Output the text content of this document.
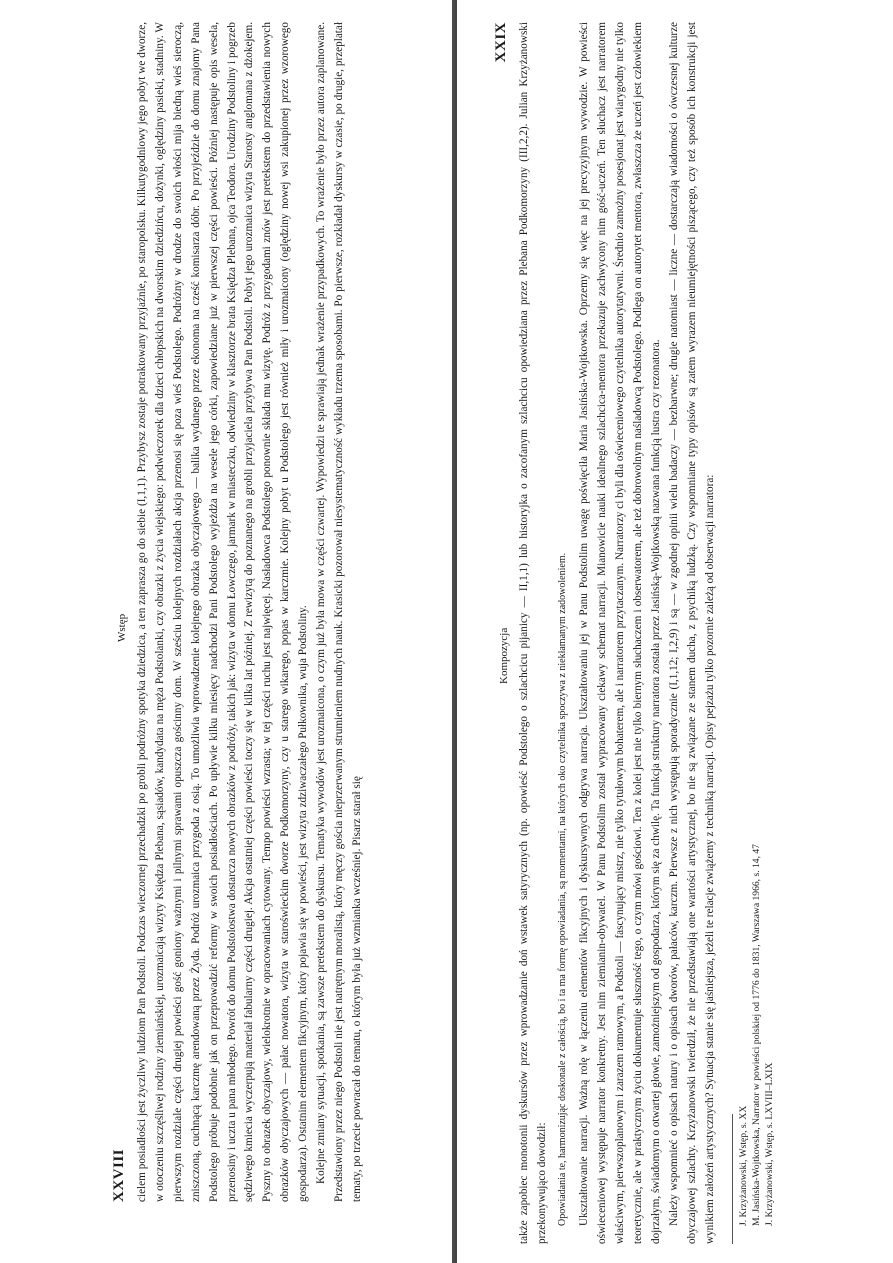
XXVIII
Wstęp cielem posiadłości jest życzliwy ludziom Pan Podstoli. Podczas wieczornej przechadzki po grobli podróżny spotyka dziedzica, a ten zaprasza go do siebie (I,1,1). Przybysz zostaje potraktowany przyjaźnie, po staropolsku. Kilkutygodniowy jego pobyt we dworze, w otoczeniu szczęśliwej rodziny ziemiańskiej, urozmaicają wizyty Księdza Plebana, sąsiadów, kandydata na męża Podstolanki, czy obrazki z życia wiejskiego: podwieczorek dla dzieci chłopskich na dworskim dziedzińcu, dożynki, oględziny pasieki, stadniny. W pierwszym rozdziale części drugiej powieści gość goniony ważnymi i pilnymi sprawami opuszcza gościnny dom. W sześciu kolejnych rozdziałach akcja przenosi się poza wieś Podstolego. Podróżny w drodze do swoich włości mija biedną wieś sieroczą, zniszczoną, cuchnącą karczmę arendowaną przez Żyda. Podróż urozmaica przygoda z osią. To umożliwia wprowadzenie kolejnego obrazka obyczajowego — balika wydanego przez ekonoma na cześć komisarza dóbr. Po przyjeździe do domu znajomy Pana Podstolego próbuje podobnie jak on przeprowadzić reformy w swoich posiadłościach. Po upływie kilku miesięcy nadchodzi Pani Podstolego wyjeżdża na wesele jego córki, zapowiedziane już w pierwszej części powieści. Później następuje opis wesela, przenosiny i uczta u pana młodego. Powrót do domu Podstolostwa dostarcza nowych obrazków z podróży, takich jak: wizyta w domu Łowczego, jarmark w miasteczku, odwiedziny w klasztorze brata Księdza Plebana, ojca Teodora. Urodziny Podstoliny i pogrzeb sędziwego kmiecia wyczerpują materiał fabularny części drugiej. Akcja ostatniej części powieści toczy się w kilka lat później. Z rewizytą do poznanego na grobli przyjaciela przybywa Pan Podstoli. Pobyt jego urozmaica wizyta Starosty anglomana z dżokejem. Pyszny to obrazek obyczajowy, wielokrotnie w opracowaniach cytowany. Tempo powieści wzrasta; w tej części ruchu jest najwięcej. Nasładowca Podstolego ponownie składa mu wizytę. Podróż z przygodami znów jest pretekstem do przedstawienia nowych obrazków obyczajowych — pałac nowatora, wizyta w staroświeckim dworze Podkomorzyny, czy u starego wikarego, popas w karczmie. Kolejny pobyt u Podstolego jest również miły i urozmaicony (oględziny nowej wsi zakupionej przez wzorowego gospodarza). Ostatnim elementem fikcyjnym, który pojawia się w powieści, jest wizyta zdziwaczałego Pułkownika, wuja Podstoliny. Kolejne zmiany sytuacji, spotkania, są zawsze pretekstem do dyskursu. Tematyka wywodów jest urozmaicona, o czym już była mowa w części czwartej. Wypowiedzi te sprawiają jednak wrażenie przypadkowych. To wrażenie było przez autora zaplanowane. Przedstawiony przez niego Podstoli nie jest natrętnym moralistą, który męczy gościa nieprzerwanym strumieniem nudnych nauk. Krasicki pozorował niesystematyczność wykładu trzema sposobami. Po pierwsze, rozkładał dyskursy w czasie, po drugie, przeplatał tematy, po trzecie powracał do tematu, o którym była już wzmianka wcześniej. Pisarz starał się

Kompozycja
XXIX także zapobiec monotonii dyskursów przez wprowadzanie doń wstawek satyrycznych (np. opowieść Podstolego o szlachcicu pijanicy — II,1,1) lub historyjka o zacofanym szlachcicu opowiedziana przez Plebana Podkomorzyny (III,2,2). Julian Krzyżanowski przekonywująco dowodził: Opowiadania te, harmonizując doskonale z całością, bo i ta ma formę opowiadania, są momentami, na których oko czytelnika spoczywa z niekłamanym zadowoleniem. Ukształtowanie narracji. Ważną rolę w łączeniu elementów fikcyjnych i dyskursywnych odgrywa narracja. Ukształtowaniu jej w Panu Podstolim uwagę poświęciła Maria Jasińska-Wojtkowska. Oprzemy się więc na jej precyzyjnym wywodzie. W powieści oświeceniowej występuje narrator konkretny. Jest nim ziemianin-obywatel. W Panu Podstolim został wypracowany ciekawy schemat narracji. Mianowicie nauki idealnego szlachcica-mentora przekazuje zachwycony nim gość-uczeń. Ten słuchacz jest narratorem właściwym, pierwszoplanowym i zarazem ramowym, a Podstoli — fascynujący mistrz, nie tylko tytułowym bohaterem, ale i narratorem przytaczanym. Narratorzy ci byli dla oświeceniowego czytelnika autorytatywni. Średnio zamożny posesjonat jest wiarygodny nie tylko teoretycznie, ale w praktycznym życiu dokumentuje słuszność tego, o czym mówi gościowi. Ten z kolei jest nie tylko biernym słuchaczem i obserwatorem, ale też dobrowolnym naśladowcą Podstolego. Podlega on autorytet mentora, zwłaszcza że uczeń jest człowiekiem dojrzałym, świadomym o otwartej głowie, zamożniejszym od gospodarza, którym się za chwilę. Ta funkcja struktury narratora została przez Jasińską-Wojtkowską nazwana funkcją lustra czy rezonatora. Należy wspomnieć o opisach natury i o opisach dworów, pałaców, karczm. Pierwsze z nich występują sporadycznie (I,1,12; I,2,9) i są — w zgodnej opinii wielu badaczy — bezbarwne; drugie natomiast — liczne — dostarczają wiadomości o ówczesnej kulturze obyczajowej szlachty. Krzyżanowski twierdził, że nie przedstawiają one wartości artystycznej, bo nie są związane ze stanem ducha, z psychiką ludzką. Czy wspomniane typy opisów są zatem wyrazem nieumiejętności piszącego, czy też sposób ich konstrukcji jest wynikiem założeń artystycznych? Sytuacja stanie się jaśniejsza, jeżeli te relacje zwiążemy z techniką narracji. Opisy pejzażu tylko pozornie zależą od obserwacji narratora:	J. Krzyżanowski, Wstęp, s. XX M. Jasińska-Wojtkowska, Narrator w powieści polskiej od 1776 do 1831, Warszawa 1966, s. 14, 47 J. Krzyżanowski, Wstęp, s. LXVIII–LXIX
